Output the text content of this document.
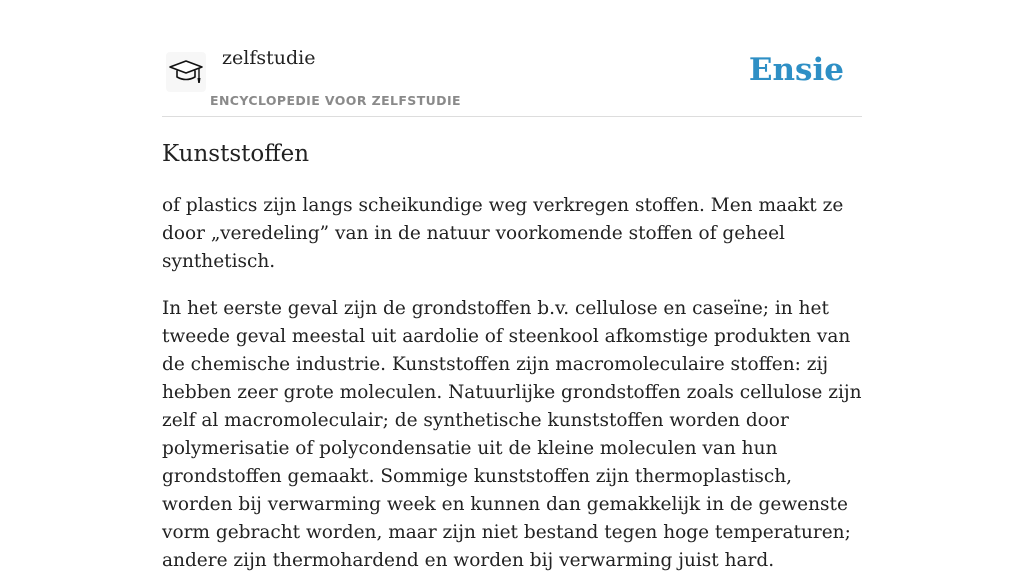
zelfstudie
ENCYCLOPEDIE VOOR ZELFSTUDIE
Ensie
Kunststoffen

of plastics zijn langs scheikundige weg verkregen stoffen. Men maakt ze door „veredeling” van in de natuur voorkomende stoffen of geheel synthetisch.

In het eerste geval zijn de grondstoffen b.v. cellulose en caseïne; in het tweede geval meestal uit aardolie of steenkool afkomstige produkten van de chemische industrie. Kunststoffen zijn macromoleculaire stoffen: zij hebben zeer grote moleculen. Natuurlijke grondstoffen zoals cellulose zijn zelf al macromoleculair; de synthetische kunststoffen worden door polymerisatie of polycondensatie uit de kleine moleculen van hun grondstoffen gemaakt. Sommige kunststoffen zijn thermoplastisch, worden bij verwarming week en kunnen dan gemakkelijk in de gewenste vorm gebracht worden, maar zijn niet bestand tegen hoge temperaturen; andere zijn thermohardend en worden bij verwarming juist hard.
